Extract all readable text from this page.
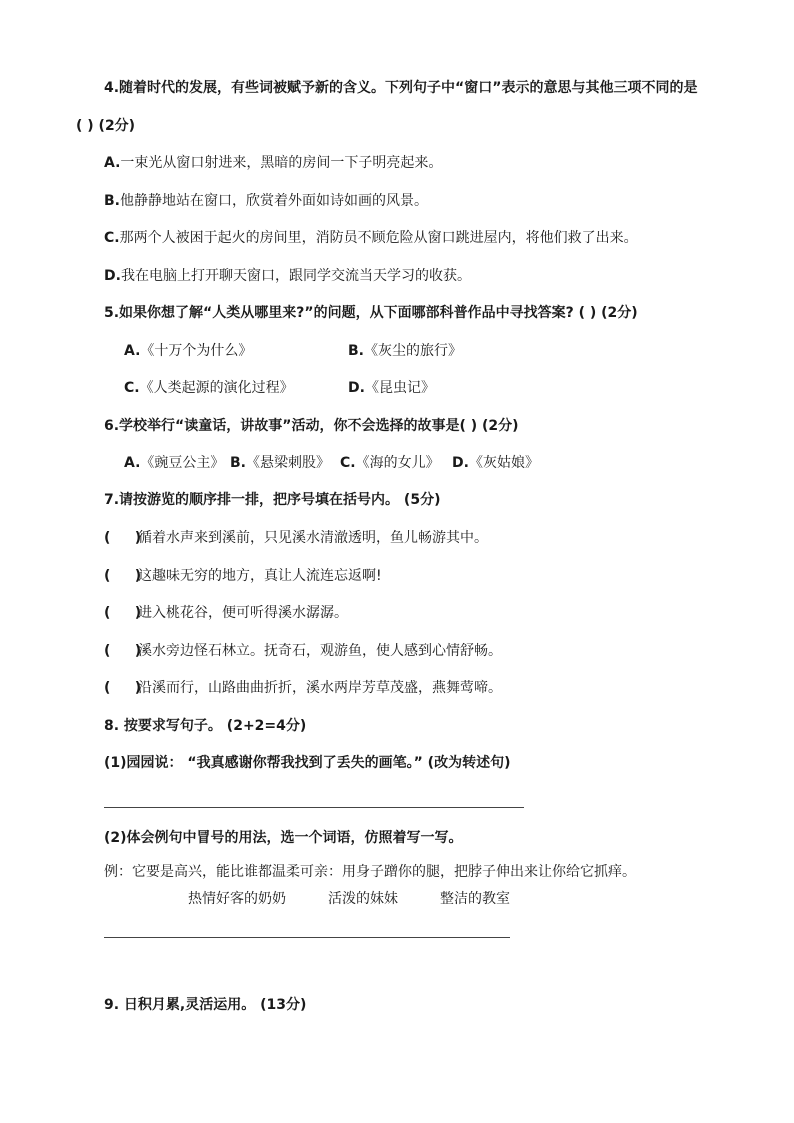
4.随着时代的发展，有些词被赋予新的含义。下列句子中“窗口”表示的意思与其他三项不同的是
( ) (2分)
A.一束光从窗口射进来，黑暗的房间一下子明亮起来。
B.他静静地站在窗口，欣赏着外面如诗如画的风景。
C.那两个人被困于起火的房间里，消防员不顾危险从窗口跳进屋内，将他们救了出来。
D.我在电脑上打开聊天窗口，跟同学交流当天学习的收获。
5.如果你想了解“人类从哪里来?”的问题，从下面哪部科普作品中寻找答案? ( ) (2分)
A.《十万个为什么》	B.《灰尘的旅行》
C.《人类起源的演化过程》	D.《昆虫记》
6.学校举行“读童话，讲故事”活动，你不会选择的故事是( ) (2分)
A.《豌豆公主》 B.《悬梁刺股》 C.《海的女儿》 D.《灰姑娘》
7.请按游览的顺序排一排，把序号填在括号内。 (5分)
(     )循着水声来到溪前，只见溪水清澈透明，鱼儿畅游其中。
(     )这趣味无穷的地方，真让人流连忘返啊!
(     )进入桃花谷，便可听得溪水潺潺。
(     )溪水旁边怪石林立。抚奇石，观游鱼，使人感到心情舒畅。
(     )沿溪而行，山路曲曲折折，溪水两岸芳草茂盛，燕舞莺啼。
8. 按要求写句子。 (2+2=4分)
(1)园园说： “我真感谢你帮我找到了丢失的画笔。” (改为转述句)
(2)体会例句中冒号的用法，选一个词语，仿照着写一写。
例：它要是高兴，能比谁都温柔可亲：用身子蹭你的腿，把脖子伸出来让你给它抓痒。
热情好客的奶奶	活泼的妹妹	整洁的教室
9. 日积月累,灵活运用。 (13分)
